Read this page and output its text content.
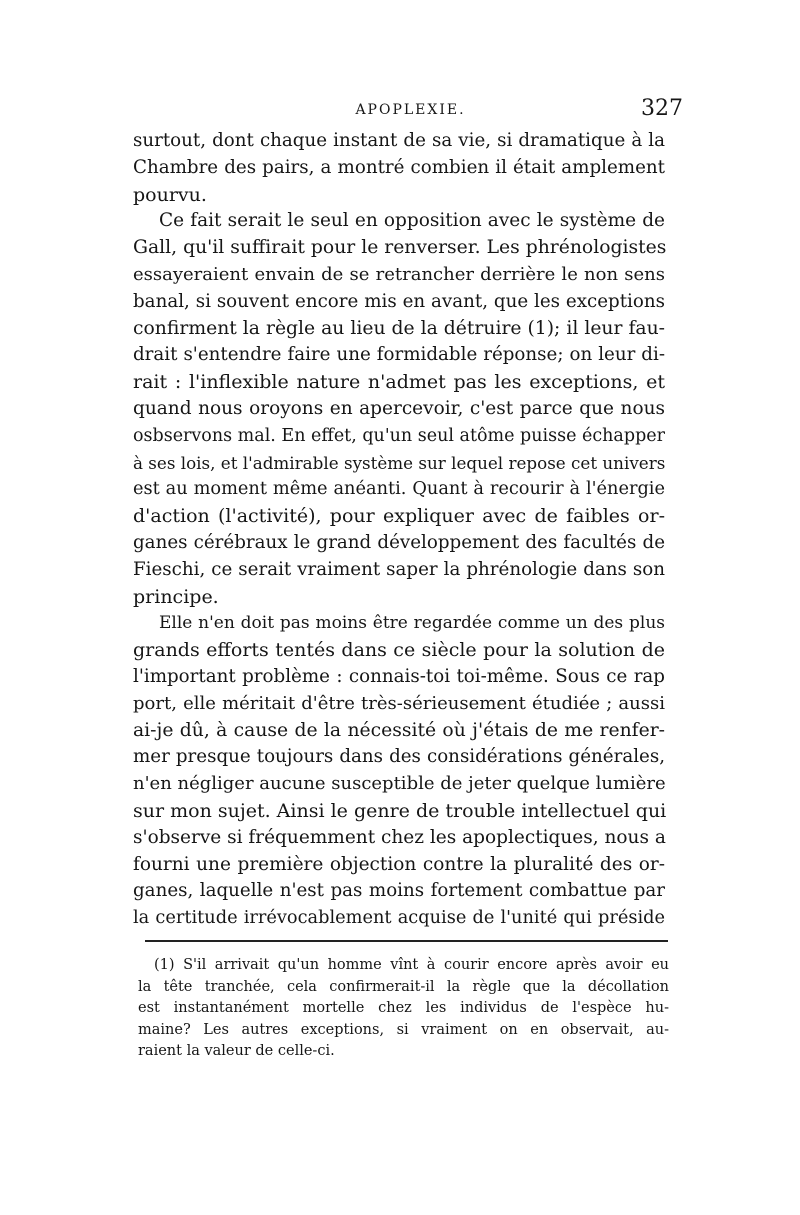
APOPLEXIE.	327
surtout, dont chaque instant de sa vie, si dramatique à la
Chambre des pairs, a montré combien il était amplement
pourvu.
Ce fait serait le seul en opposition avec le système de
Gall, qu'il suffirait pour le renverser. Les phrénologistes
essayeraient envain de se retrancher derrière le non sens
banal, si souvent encore mis en avant, que les exceptions
confirment la règle au lieu de la détruire (1); il leur fau-
drait s'entendre faire une formidable réponse; on leur di-
rait : l'inflexible nature n'admet pas les exceptions, et
quand nous oroyons en apercevoir, c'est parce que nous
osbservons mal. En effet, qu'un seul atôme puisse échapper
à ses lois, et l'admirable système sur lequel repose cet univers
est au moment même anéanti. Quant à recourir à l'énergie
d'action (l'activité), pour expliquer avec de faibles or-
ganes cérébraux le grand développement des facultés de
Fieschi, ce serait vraiment saper la phrénologie dans son
principe.
Elle n'en doit pas moins être regardée comme un des plus
grands efforts tentés dans ce siècle pour la solution de
l'important problème : connais-toi toi-même. Sous ce rap
port, elle méritait d'être très-sérieusement étudiée ; aussi
ai-je dû, à cause de la nécessité où j'étais de me renfer-
mer presque toujours dans des considérations générales,
n'en négliger aucune susceptible de jeter quelque lumière
sur mon sujet. Ainsi le genre de trouble intellectuel qui
s'observe si fréquemment chez les apoplectiques, nous a
fourni une première objection contre la pluralité des or-
ganes, laquelle n'est pas moins fortement combattue par
la certitude irrévocablement acquise de l'unité qui préside
(1) S'il arrivait qu'un homme vînt à courir encore après avoir eu
la tête tranchée, cela confirmerait-il la règle que la décollation
est instantanément mortelle chez les individus de l'espèce hu-
maine? Les autres exceptions, si vraiment on en observait, au-
raient la valeur de celle-ci.
